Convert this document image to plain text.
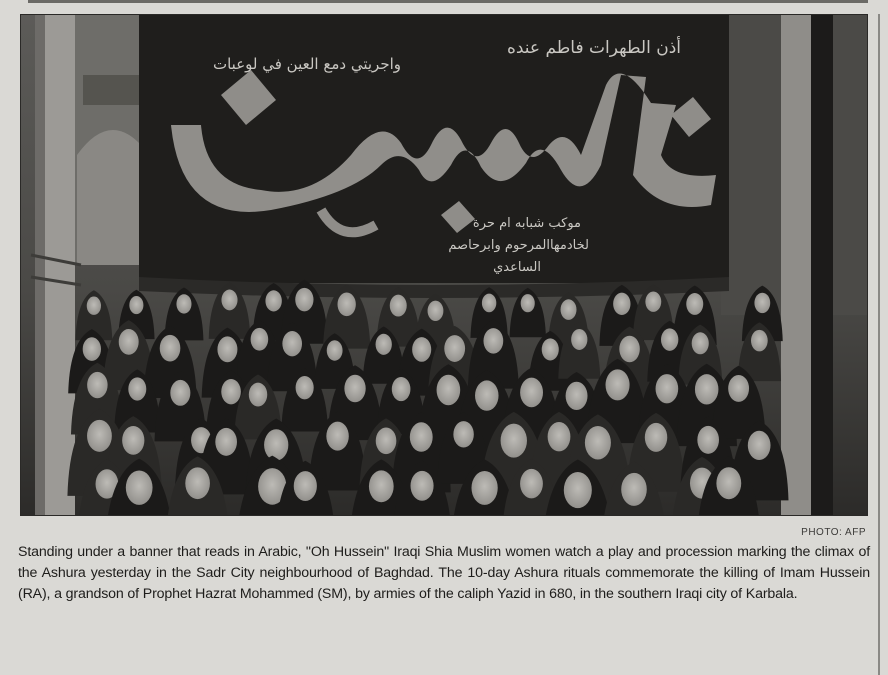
أذن الطهرات فاطم عنده
واجريتي دمع العين في لوعبات
موكب شبابه ام حرة
لخادمهاالمرحوم وابرحاصم
الساعدي
PHOTO: AFP
Standing under a banner that reads in Arabic, "Oh Hussein" Iraqi Shia Muslim women watch a play and procession marking the climax of the Ashura yesterday in the Sadr City neighbourhood of Baghdad. The 10-day Ashura rituals commemorate the killing of Imam Hussein (RA), a grandson of Prophet Hazrat Mohammed (SM), by armies of the caliph Yazid in 680, in the southern Iraqi city of Karbala.
